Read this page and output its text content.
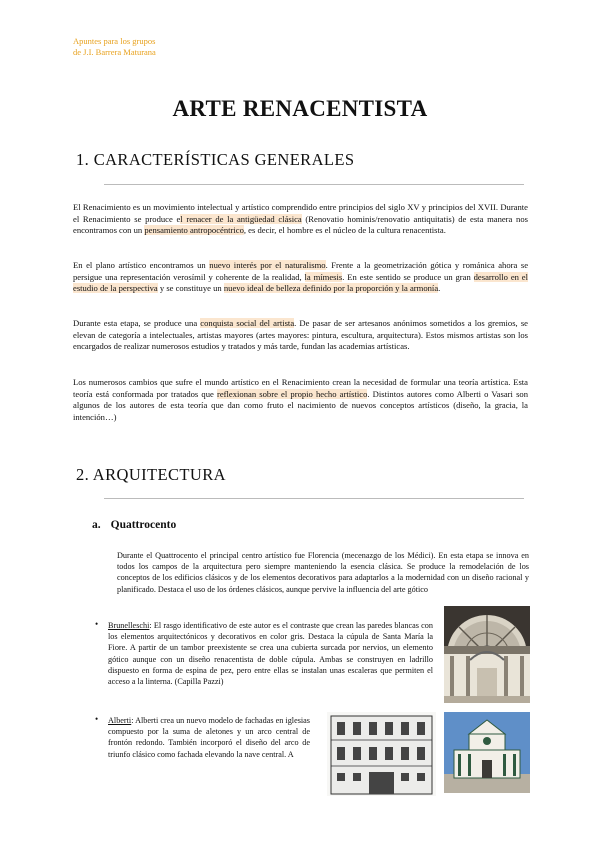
Apuntes para los grupos
de J.I. Barrera Maturana
ARTE RENACENTISTA
1. CARACTERÍSTICAS GENERALES
El Renacimiento es un movimiento intelectual y artístico comprendido entre principios del siglo XV y principios del XVII. Durante el Renacimiento se produce el renacer de la antigüedad clásica (Renovatio hominis/renovatio antiquitatis) de esta manera nos encontramos con un pensamiento antropocéntrico, es decir, el hombre es el núcleo de la cultura renacentista.
En el plano artístico encontramos un nuevo interés por el naturalismo. Frente a la geometrización gótica y románica ahora se persigue una representación verosímil y coherente de la realidad, la mímesis. En este sentido se produce un gran desarrollo en el estudio de la perspectiva y se constituye un nuevo ideal de belleza definido por la proporción y la armonía.
Durante esta etapa, se produce una conquista social del artista. De pasar de ser artesanos anónimos sometidos a los gremios, se elevan de categoría a intelectuales, artistas mayores (artes mayores: pintura, escultura, arquitectura). Estos mismos artistas son los encargados de realizar numerosos estudios y tratados y más tarde, fundan las academias artísticas.
Los numerosos cambios que sufre el mundo artístico en el Renacimiento crean la necesidad de formular una teoría artística. Esta teoría está conformada por tratados que reflexionan sobre el propio hecho artístico. Distintos autores como Alberti o Vasari son algunos de los autores de esta teoría que dan como fruto el nacimiento de nuevos conceptos artísticos (diseño, la gracia, la intención…)
2. ARQUITECTURA
a. Quattrocento
Durante el Quattrocento el principal centro artístico fue Florencia (mecenazgo de los Médici). En esta etapa se innova en todos los campos de la arquitectura pero siempre manteniendo la esencia clásica. Se produce la remodelación de los conceptos de los edificios clásicos y de los elementos decorativos para adaptarlos a la modernidad con un diseño racional y planificado. Destaca el uso de los órdenes clásicos, aunque pervive la influencia del arte gótico
• Brunelleschi: El rasgo identificativo de este autor es el contraste que crean las paredes blancas con los elementos arquitectónicos y decorativos en color gris. Destaca la cúpula de Santa María la Fiore. A partir de un tambor preexistente se crea una cubierta surcada por nervios, un elemento gótico aunque con un diseño renacentista de doble cúpula. Ambas se construyen en ladrillo dispuesto en forma de espina de pez, pero entre ellas se instalan unas escaleras que permiten el acceso a la linterna. (Capilla Pazzi)
• Alberti: Alberti crea un nuevo modelo de fachadas en iglesias compuesto por la suma de aletones y un arco central de frontón redondo. También incorporó el diseño del arco de triunfo clásico como fachada elevando la nave central. A
